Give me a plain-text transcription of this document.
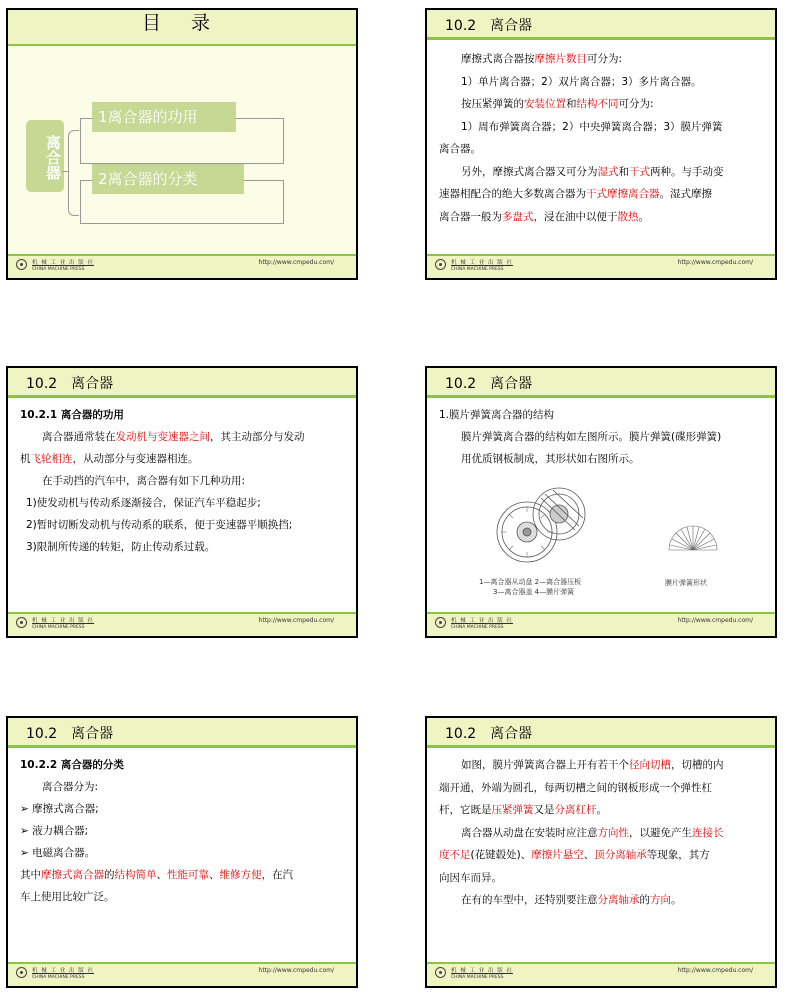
目 录
离合器
1离合器的功用
2离合器的分类
机 械 工 业 出 版 社
CHINA MACHINE PRESS
http://www.cmpedu.com/
10.2　离合器

摩擦式离合器按摩擦片数目可分为:

1）单片离合器；2）双片离合器；3）多片离合器。

按压紧弹簧的安装位置和结构不同可分为:

1）周布弹簧离合器；2）中央弹簧离合器；3）膜片弹簧

离合器。

另外，摩擦式离合器又可分为湿式和干式两种。与手动变

速器相配合的绝大多数离合器为干式摩擦离合器。湿式摩擦

离合器一般为多盘式，浸在油中以便于散热。

机 械 工 业 出 版 社
CHINA MACHINE PRESS
http://www.cmpedu.com/
10.2　离合器

10.2.1 离合器的功用

离合器通常装在发动机与变速器之间，其主动部分与发动

机飞轮相连，从动部分与变速器相连。

在手动挡的汽车中，离合器有如下几种功用:

1)使发动机与传动系逐渐接合，保证汽车平稳起步;

2)暂时切断发动机与传动系的联系，便于变速器平顺换挡;

3)限制所传递的转矩，防止传动系过载。

机 械 工 业 出 版 社
CHINA MACHINE PRESS
http://www.cmpedu.com/
10.2　离合器

1.膜片弹簧离合器的结构

膜片弹簧离合器的结构如左图所示。膜片弹簧(碟形弹簧)

用优质钢板制成，其形状如右图所示。

1—离合器从动盘 2—离合器压板
3—离合器盖 4—膜片弹簧
膜片弹簧形状
机 械 工 业 出 版 社
CHINA MACHINE PRESS
http://www.cmpedu.com/
10.2　离合器

10.2.2 离合器的分类

离合器分为:

➢ 摩擦式离合器;

➢ 液力耦合器;

➢ 电磁离合器。

其中摩擦式离合器的结构简单、性能可靠、维修方便，在汽

车上使用比较广泛。

机 械 工 业 出 版 社
CHINA MACHINE PRESS
http://www.cmpedu.com/
10.2　离合器

如图，膜片弹簧离合器上开有若干个径向切槽，切槽的内

端开通，外端为圆孔，每两切槽之间的钢板形成一个弹性杠

杆，它既是压紧弹簧又是分离杠杆。

离合器从动盘在安装时应注意方向性，以避免产生连接长

度不足(花键毂处)、摩擦片悬空、顶分离轴承等现象，其方

向因车而异。

在有的车型中，还特别要注意分离轴承的方向。

机 械 工 业 出 版 社
CHINA MACHINE PRESS
http://www.cmpedu.com/
